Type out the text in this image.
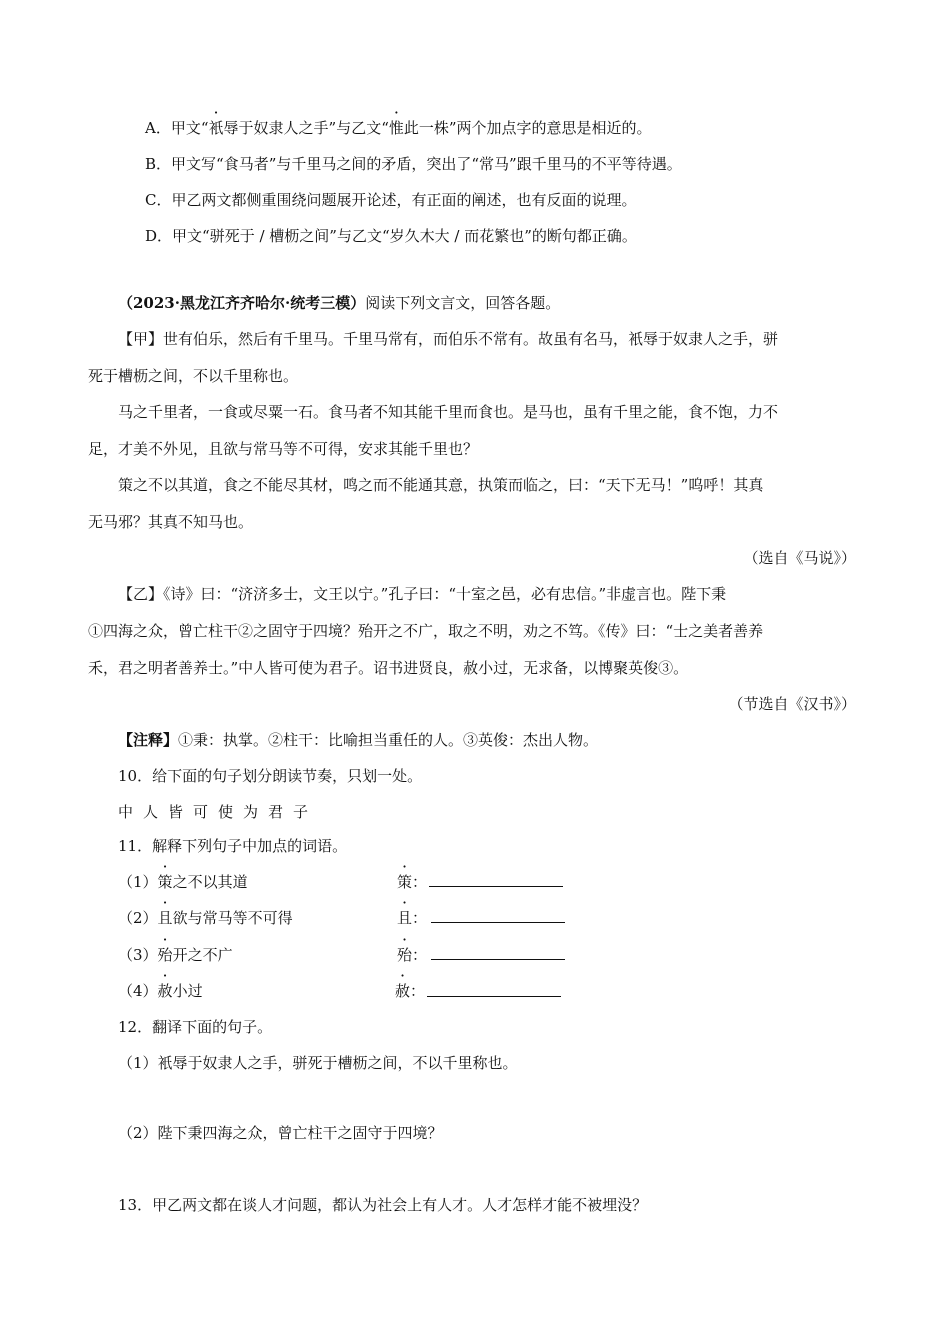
A．甲文“衹辱于奴隶人之手”与乙文“惟此一株”两个加点字的意思是相近的。
B．甲文写“食马者”与千里马之间的矛盾，突出了“常马”跟千里马的不平等待遇。
C．甲乙两文都侧重围绕问题展开论述，有正面的阐述，也有反面的说理。
D．甲文“骈死于 / 槽枥之间”与乙文“岁久木大 / 而花繁也”的断句都正确。
（2023·黑龙江齐齐哈尔·统考三模）阅读下列文言文，回答各题。
【甲】世有伯乐，然后有千里马。千里马常有，而伯乐不常有。故虽有名马，衹辱于奴隶人之手，骈
死于槽枥之间，不以千里称也。
马之千里者，一食或尽粟一石。食马者不知其能千里而食也。是马也，虽有千里之能，食不饱，力不
足，才美不外见，且欲与常马等不可得，安求其能千里也？
策之不以其道，食之不能尽其材，鸣之而不能通其意，执策而临之，曰：“天下无马！”呜呼！其真
无马邪？其真不知马也。
（选自《马说》）
【乙】《诗》曰：“济济多士，文王以宁。”孔子曰：“十室之邑，必有忠信。”非虚言也。陛下秉
①四海之众，曾亡柱干②之固守于四境？殆开之不广，取之不明，劝之不笃。《传》曰：“士之美者善养
禾，君之明者善养士。”中人皆可使为君子。诏书进贤良，赦小过，无求备，以博聚英俊③。
（节选自《汉书》）
【注释】①秉：执掌。②柱干：比喻担当重任的人。③英俊：杰出人物。
10．给下面的句子划分朗读节奏，只划一处。
中 人 皆 可 使 为 君 子
11．解释下列句子中加点的词语。
（1）策之不以其道	策：
（2）且欲与常马等不可得	且：
（3）殆开之不广	殆：
（4）赦小过	赦：
12．翻译下面的句子。
（1）衹辱于奴隶人之手，骈死于槽枥之间，不以千里称也。
（2）陛下秉四海之众，曾亡柱干之固守于四境？
13．甲乙两文都在谈人才问题，都认为社会上有人才。人才怎样才能不被埋没？
